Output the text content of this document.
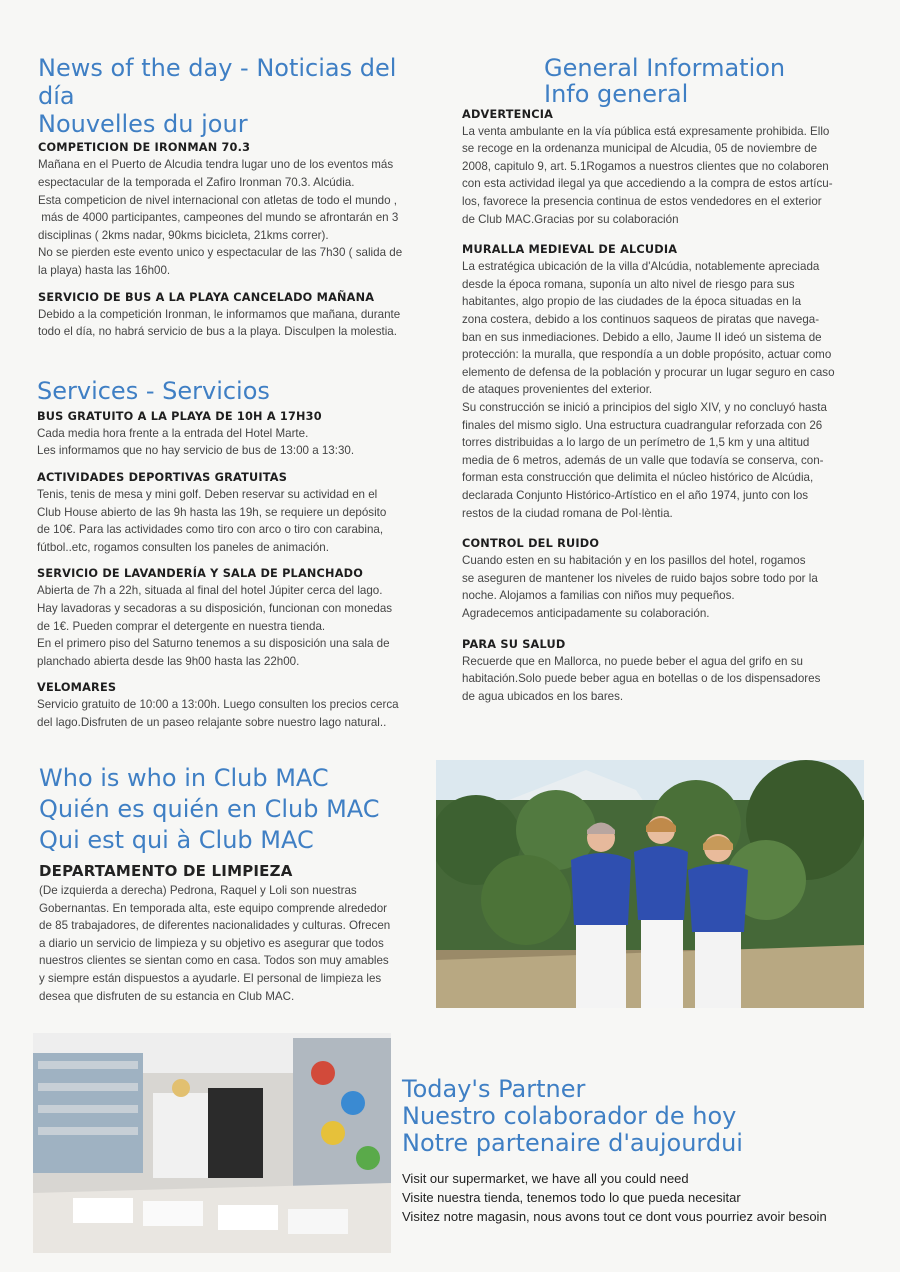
News of the day - Noticias del día
Nouvelles du jour
COMPETICION DE IRONMAN 70.3
Mañana en el Puerto de Alcudia tendra lugar uno de los eventos más
espectacular de la temporada el Zafiro Ironman 70.3. Alcúdia.
Esta competicion de nivel internacional con atletas de todo el mundo ,
más de 4000 participantes, campeones del mundo se afrontarán en 3
disciplinas ( 2kms nadar, 90kms bicicleta, 21kms correr).
No se pierden este evento unico y espectacular de las 7h30 ( salida de
la playa) hasta las 16h00.
SERVICIO DE BUS A LA PLAYA CANCELADO MAÑANA
Debido a la competición Ironman, le informamos que mañana, durante
todo el día, no habrá servicio de bus a la playa. Disculpen la molestia.
Services - Servicios
BUS GRATUITO A LA PLAYA DE 10H A 17H30
Cada media hora frente a la entrada del Hotel Marte.
Les informamos que no hay servicio de bus de 13:00 a 13:30.
ACTIVIDADES DEPORTIVAS GRATUITAS
Tenis, tenis de mesa y mini golf. Deben reservar su actividad en el
Club House abierto de las 9h hasta las 19h, se requiere un depósito
de 10€. Para las actividades como tiro con arco o tiro con carabina,
fútbol..etc, rogamos consulten los paneles de animación.
SERVICIO DE LAVANDERÍA Y SALA DE PLANCHADO
Abierta de 7h a 22h, situada al final del hotel Júpiter cerca del lago.
Hay lavadoras y secadoras a su disposición, funcionan con monedas
de 1€. Pueden comprar el detergente en nuestra tienda.
En el primero piso del Saturno tenemos a su disposición una sala de
planchado abierta desde las 9h00 hasta las 22h00.
VELOMARES
Servicio gratuito de 10:00 a 13:00h. Luego consulten los precios cerca
del lago.Disfruten de un paseo relajante sobre nuestro lago natural..
Who is who in Club MAC
Quién es quién en Club MAC
Qui est qui à Club MAC
DEPARTAMENTO DE LIMPIEZA
(De izquierda a derecha) Pedrona, Raquel y Loli son nuestras
Gobernantas. En temporada alta, este equipo comprende alrededor
de 85 trabajadores, de diferentes nacionalidades y culturas. Ofrecen
a diario un servicio de limpieza y su objetivo es asegurar que todos
nuestros clientes se sientan como en casa. Todos son muy amables
y siempre están dispuestos a ayudarle. El personal de limpieza les
desea que disfruten de su estancia en Club MAC.
General Information
Info general
ADVERTENCIA
La venta ambulante en la vía pública está expresamente prohibida. Ello
se recoge en la ordenanza municipal de Alcudia, 05 de noviembre de
2008, capitulo 9, art. 5.1Rogamos a nuestros clientes que no colaboren
con esta actividad ilegal ya que accediendo a la compra de estos artícu-
los, favorece la presencia continua de estos vendedores en el exterior
de Club MAC.Gracias por su colaboración
MURALLA MEDIEVAL DE ALCUDIA
La estratégica ubicación de la villa d'Alcúdia, notablemente apreciada
desde la época romana, suponía un alto nivel de riesgo para sus
habitantes, algo propio de las ciudades de la época situadas en la
zona costera, debido a los continuos saqueos de piratas que navega-
ban en sus inmediaciones. Debido a ello, Jaume II ideó un sistema de
protección: la muralla, que respondía a un doble propósito, actuar como
elemento de defensa de la población y procurar un lugar seguro en caso
de ataques provenientes del exterior.
Su construcción se inició a principios del siglo XIV, y no concluyó hasta
finales del mismo siglo. Una estructura cuadrangular reforzada con 26
torres distribuidas a lo largo de un perímetro de 1,5 km y una altitud
media de 6 metros, además de un valle que todavía se conserva, con-
forman esta construcción que delimita el núcleo histórico de Alcúdia,
declarada Conjunto Histórico-Artístico en el año 1974, junto con los
restos de la ciudad romana de Pol·lèntia.
CONTROL DEL RUIDO
Cuando esten en su habitación y en los pasillos del hotel, rogamos
se aseguren de mantener los niveles de ruido bajos sobre todo por la
noche. Alojamos a familias con niños muy pequeños.
Agradecemos anticipadamente su colaboración.
PARA SU SALUD
Recuerde que en Mallorca, no puede beber el agua del grifo en su
habitación.Solo puede beber agua en botellas o de los dispensadores
de agua ubicados en los bares.
Today's Partner
Nuestro colaborador de hoy
Notre partenaire d'aujourdui
Visit our supermarket, we have all you could need
Visite nuestra tienda, tenemos todo lo que pueda necesitar
Visitez notre magasin, nous avons tout ce dont vous pourriez avoir besoin
